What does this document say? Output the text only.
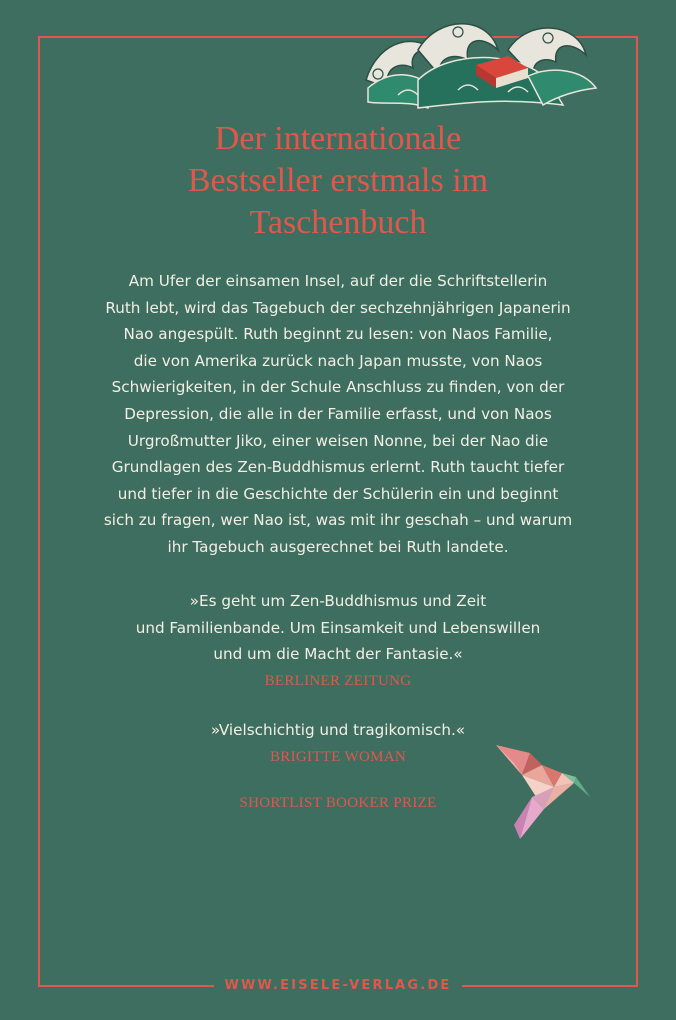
Der internationale
Bestseller erstmals im
Taschenbuch
Am Ufer der einsamen Insel, auf der die Schriftstellerin
Ruth lebt, wird das Tagebuch der sechzehnjährigen Japanerin
Nao angespült. Ruth beginnt zu lesen: von Naos Familie,
die von Amerika zurück nach Japan musste, von Naos
Schwierigkeiten, in der Schule Anschluss zu finden, von der
Depression, die alle in der Familie erfasst, und von Naos
Urgroßmutter Jiko, einer weisen Nonne, bei der Nao die
Grundlagen des Zen-Buddhismus erlernt. Ruth taucht tiefer
und tiefer in die Geschichte der Schülerin ein und beginnt
sich zu fragen, wer Nao ist, was mit ihr geschah – und warum
ihr Tagebuch ausgerechnet bei Ruth landete.
»Es geht um Zen-Buddhismus und Zeit
und Familienbande. Um Einsamkeit und Lebenswillen
und um die Macht der Fantasie.«
BERLINER ZEITUNG
»Vielschichtig und tragikomisch.«
BRIGITTE WOMAN
SHORTLIST BOOKER PRIZE
WWW.EISELE-VERLAG.DE
